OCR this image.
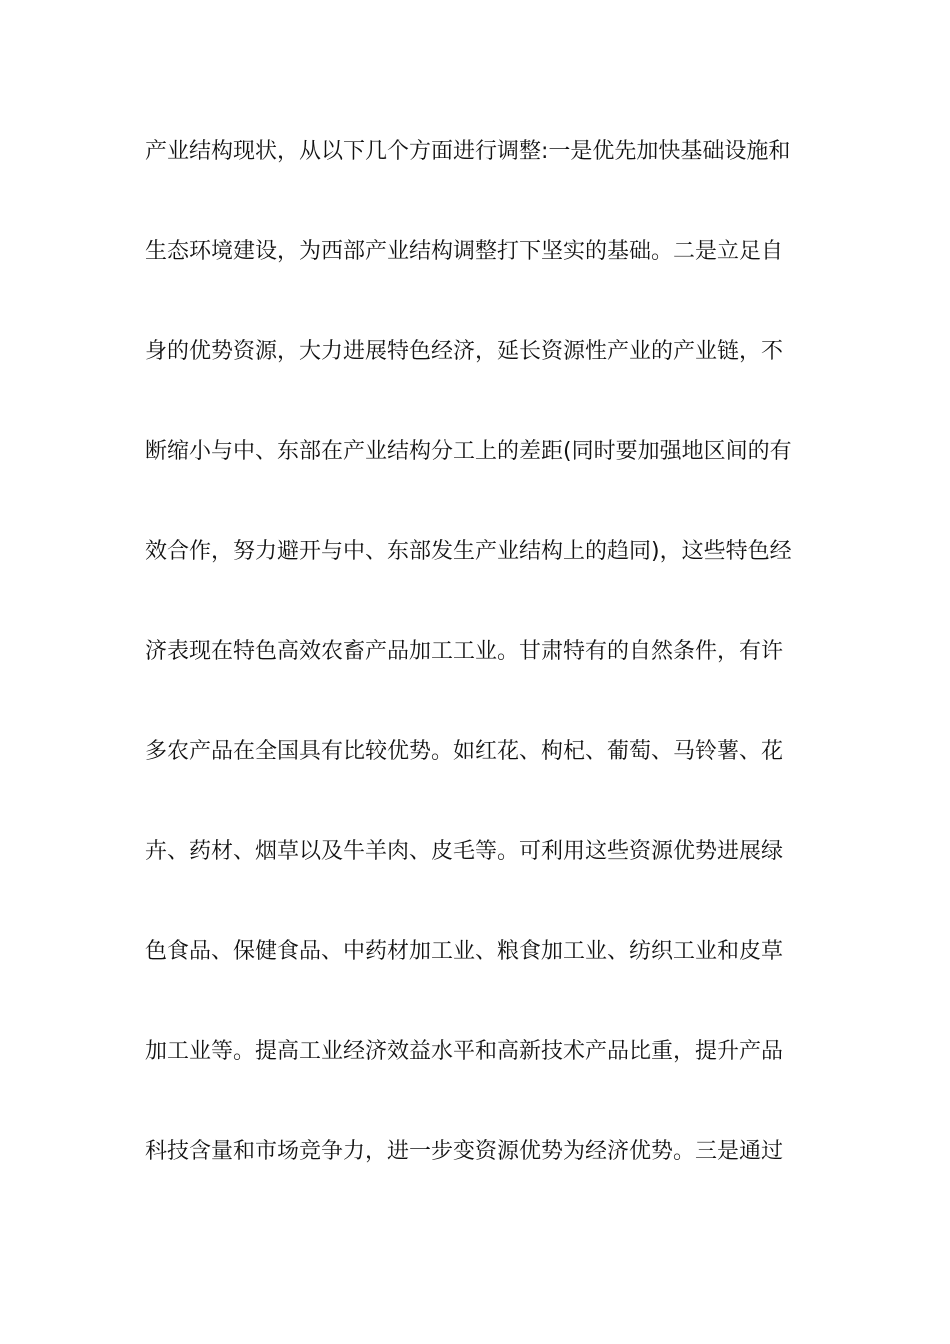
产业结构现状，从以下几个方面进行调整:一是优先加快基础设施和
生态环境建设，为西部产业结构调整打下坚实的基础。二是立足自
身的优势资源，大力进展特色经济，延长资源性产业的产业链，不
断缩小与中、东部在产业结构分工上的差距(同时要加强地区间的有
效合作，努力避开与中、东部发生产业结构上的趋同)，这些特色经
济表现在特色高效农畜产品加工工业。甘肃特有的自然条件，有许
多农产品在全国具有比较优势。如红花、枸杞、葡萄、马铃薯、花
卉、药材、烟草以及牛羊肉、皮毛等。可利用这些资源优势进展绿
色食品、保健食品、中药材加工业、粮食加工业、纺织工业和皮草
加工业等。提高工业经济效益水平和高新技术产品比重，提升产品
科技含量和市场竞争力，进一步变资源优势为经济优势。三是通过
